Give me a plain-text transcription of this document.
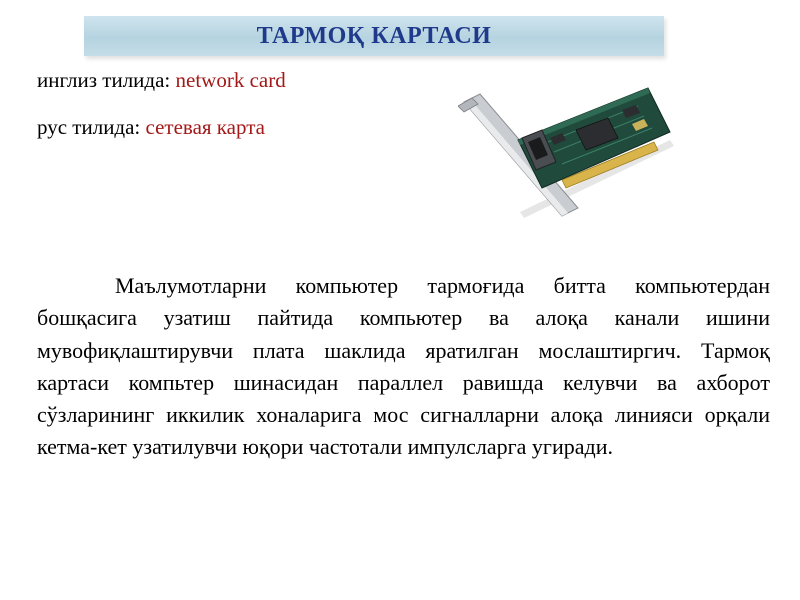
ТАРМОҚ КАРТАСИ
инглиз тилида: network card
рус тилида: сетевая карта

Маълумотларни компьютер тармоғида битта компьютердан бошқасига узатиш пайтида компьютер ва алоқа канали ишини мувофиқлаштирувчи плата шаклида яратилган мослаштиргич. Тармоқ картаси компьтер шинасидан параллел равишда келувчи ва ахборот сўзларининг иккилик хоналарига мос сигналларни алоқа линияси орқали кетма-кет узатилувчи юқори частотали импулсларга угиради.
